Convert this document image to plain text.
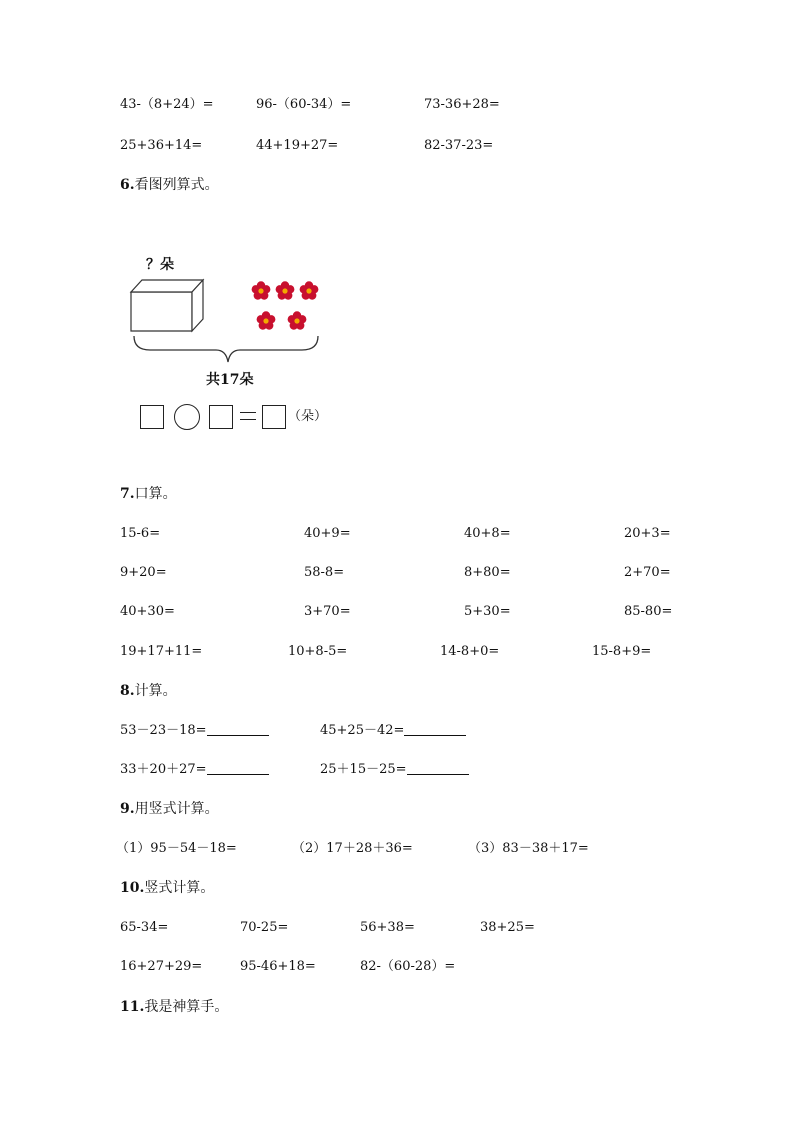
43-（8+24）=	96-（60-34）=	73-36+28=
25+36+14=	44+19+27=	82-37-23=
6.看图列算式。
？朵
共17朵
（朵）
7.口算。
15-6=	40+9=	40+8=	20+3=
9+20=	58-8=	8+80=	2+70=
40+30=	3+70=	5+30=	85-80=
19+17+11=	10+8-5=	14-8+0=	15-8+9=
8.计算。
53－23－18=	45+25－42=
33＋20＋27=	25＋15－25=
9.用竖式计算。
（1）95－54－18=	（2）17＋28＋36=	（3）83－38＋17=
10.竖式计算。
65-34=	70-25=	56+38=	38+25=
16+27+29=	95-46+18=	82-（60-28）=
11.我是神算手。
